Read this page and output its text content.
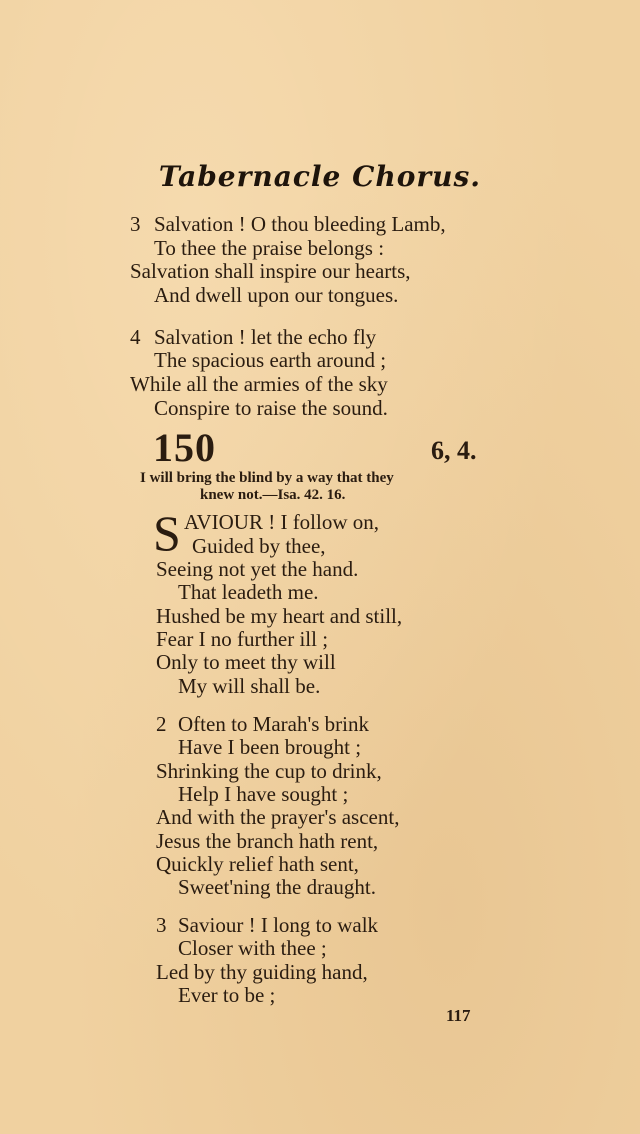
Tabernacle Chorus.
3 Salvation ! O thou bleeding Lamb,
To thee the praise belongs :
Salvation shall inspire our hearts,
And dwell upon our tongues.
4 Salvation ! let the echo fly
The spacious earth around ;
While all the armies of the sky
Conspire to raise the sound.
150	6, 4.
I will bring the blind by a way that they
knew not.—Isa. 42. 16.
S AVIOUR ! I follow on,
Guided by thee,
Seeing not yet the hand.
That leadeth me.
Hushed be my heart and still,
Fear I no further ill ;
Only to meet thy will
My will shall be.
2 Often to Marah's brink
Have I been brought ;
Shrinking the cup to drink,
Help I have sought ;
And with the prayer's ascent,
Jesus the branch hath rent,
Quickly relief hath sent,
Sweet'ning the draught.
3 Saviour ! I long to walk
Closer with thee ;
Led by thy guiding hand,
Ever to be ;
117
